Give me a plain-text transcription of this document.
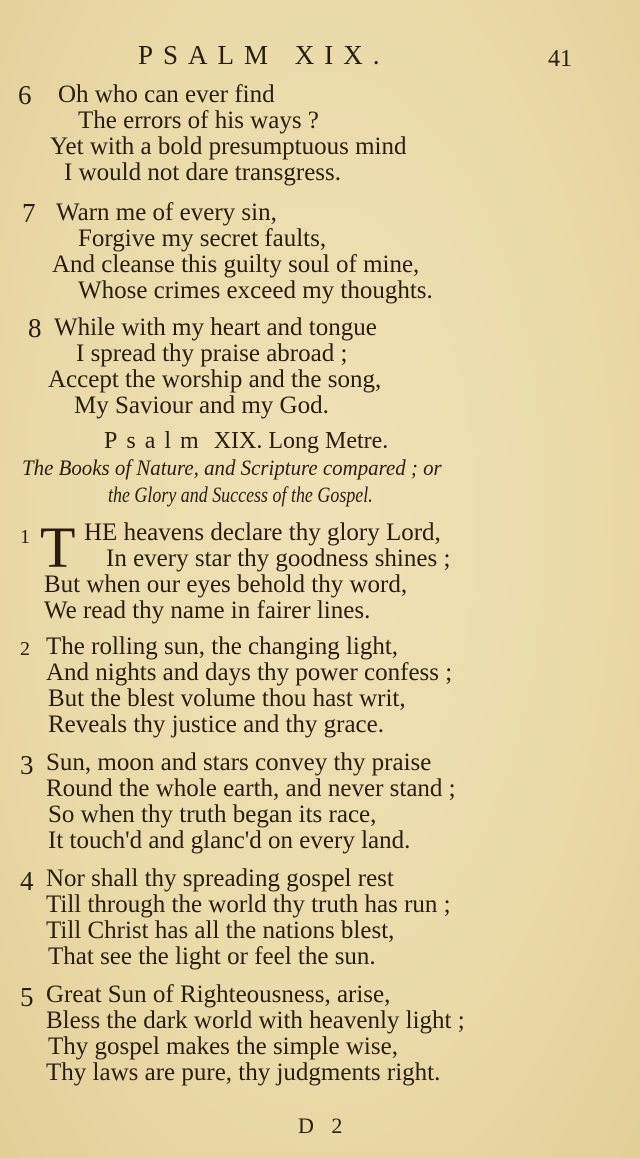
PSALM XIX.	41
6 Oh who can ever find
The errors of his ways ?
Yet with a bold presumptuous mind
I would not dare transgress.
7 Warn me of every sin,
Forgive my secret faults,
And cleanse this guilty soul of mine,
Whose crimes exceed my thoughts.
8 While with my heart and tongue
I spread thy praise abroad ;
Accept the worship and the song,
My Saviour and my God.
Psalm XIX. Long Metre.
The Books of Nature, and Scripture compared ; or
the Glory and Success of the Gospel.
1 T HE heavens declare thy glory Lord,
In every star thy goodness shines ;
But when our eyes behold thy word,
We read thy name in fairer lines.
2 The rolling sun, the changing light,
And nights and days thy power confess ;
But the blest volume thou hast writ,
Reveals thy justice and thy grace.
3 Sun, moon and stars convey thy praise
Round the whole earth, and never stand ;
So when thy truth began its race,
It touch'd and glanc'd on every land.
4 Nor shall thy spreading gospel rest
Till through the world thy truth has run ;
Till Christ has all the nations blest,
That see the light or feel the sun.
5 Great Sun of Righteousness, arise,
Bless the dark world with heavenly light ;
Thy gospel makes the simple wise,
Thy laws are pure, thy judgments right.
D 2
